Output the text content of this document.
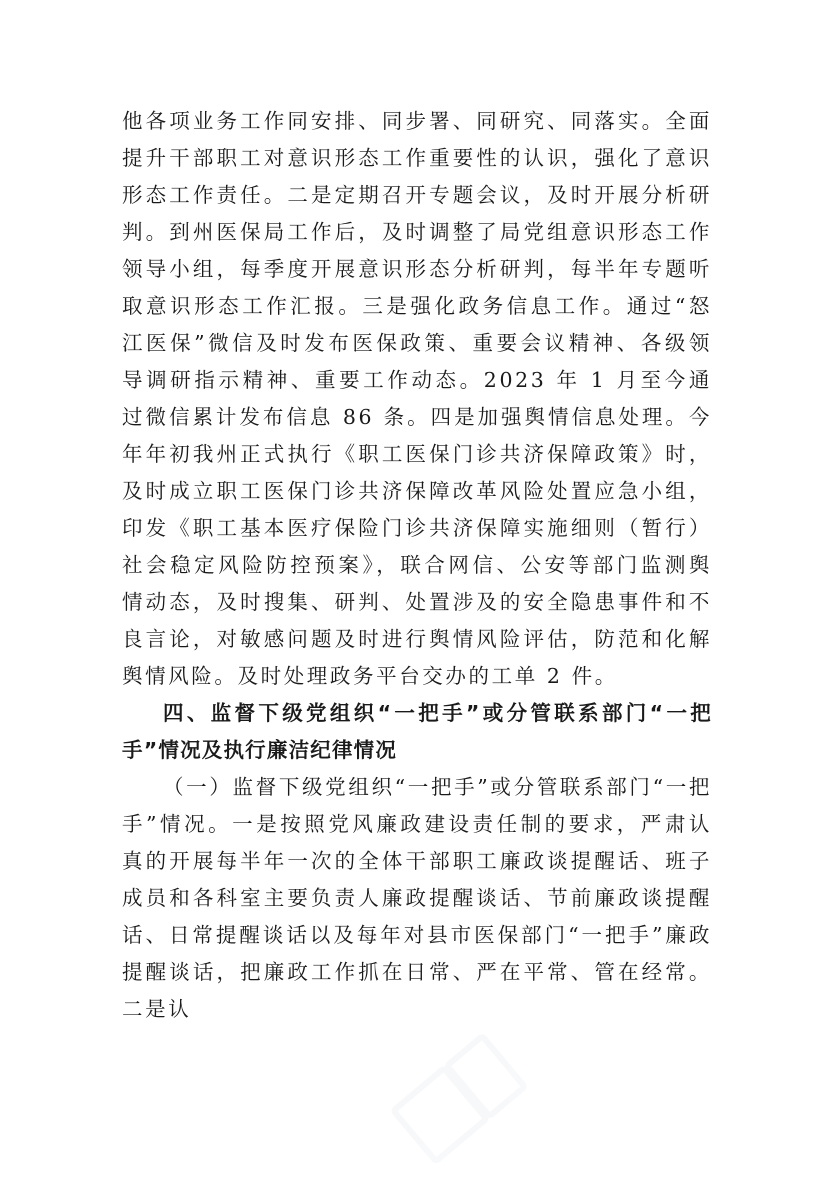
他各项业务工作同安排、同步署、同研究、同落实。全面提升干部职工对意识形态工作重要性的认识，强化了意识形态工作责任。二是定期召开专题会议，及时开展分析研判。到州医保局工作后，及时调整了局党组意识形态工作领导小组，每季度开展意识形态分析研判，每半年专题听取意识形态工作汇报。三是强化政务信息工作。通过“怒江医保”微信及时发布医保政策、重要会议精神、各级领导调研指示精神、重要工作动态。2023 年 1 月至今通过微信累计发布信息 86 条。四是加强舆情信息处理。今年年初我州正式执行《职工医保门诊共济保障政策》时，及时成立职工医保门诊共济保障改革风险处置应急小组，印发《职工基本医疗保险门诊共济保障实施细则（暂行）社会稳定风险防控预案》，联合网信、公安等部门监测舆情动态，及时搜集、研判、处置涉及的安全隐患事件和不良言论，对敏感问题及时进行舆情风险评估，防范和化解舆情风险。及时处理政务平台交办的工单 2 件。

四、监督下级党组织“一把手”或分管联系部门“一把手”情况及执行廉洁纪律情况

（一）监督下级党组织“一把手”或分管联系部门“一把手”情况。一是按照党风廉政建设责任制的要求，严肃认真的开展每半年一次的全体干部职工廉政谈提醒话、班子成员和各科室主要负责人廉政提醒谈话、节前廉政谈提醒话、日常提醒谈话以及每年对县市医保部门“一把手”廉政提醒谈话，把廉政工作抓在日常、严在平常、管在经常。二是认
